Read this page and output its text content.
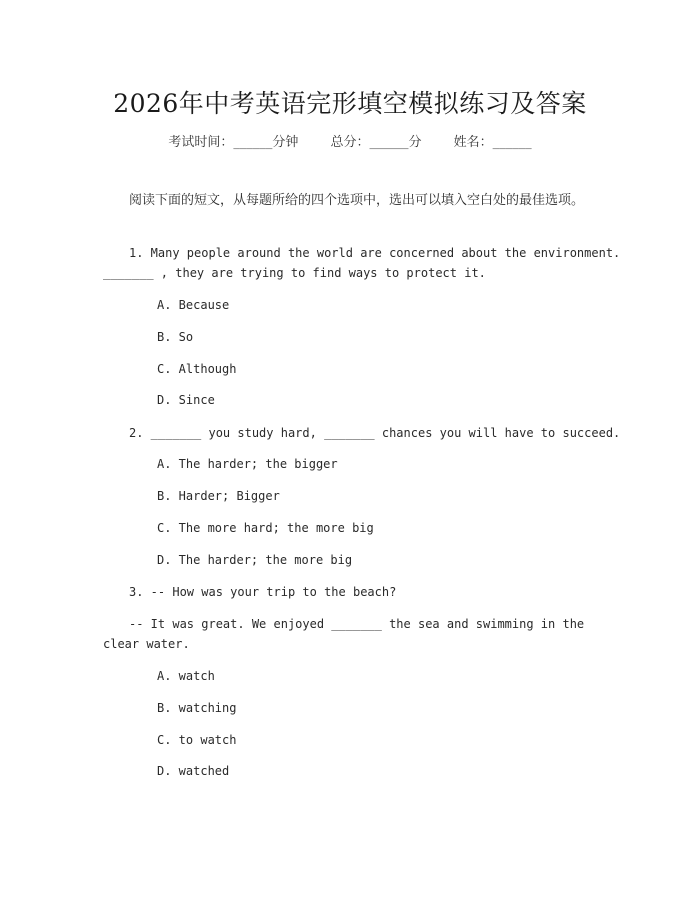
2026年中考英语完形填空模拟练习及答案
考试时间：______分钟 总分：______分 姓名：______
阅读下面的短文，从每题所给的四个选项中，选出可以填入空白处的最佳选项。
1. Many people around the world are concerned about the environment.
_______ , they are trying to find ways to protect it.
A. Because
B. So
C. Although
D. Since
2. _______ you study hard, _______ chances you will have to succeed.
A. The harder; the bigger
B. Harder; Bigger
C. The more hard; the more big
D. The harder; the more big
3. -- How was your trip to the beach?
-- It was great. We enjoyed _______ the sea and swimming in the
clear water.
A. watch
B. watching
C. to watch
D. watched
